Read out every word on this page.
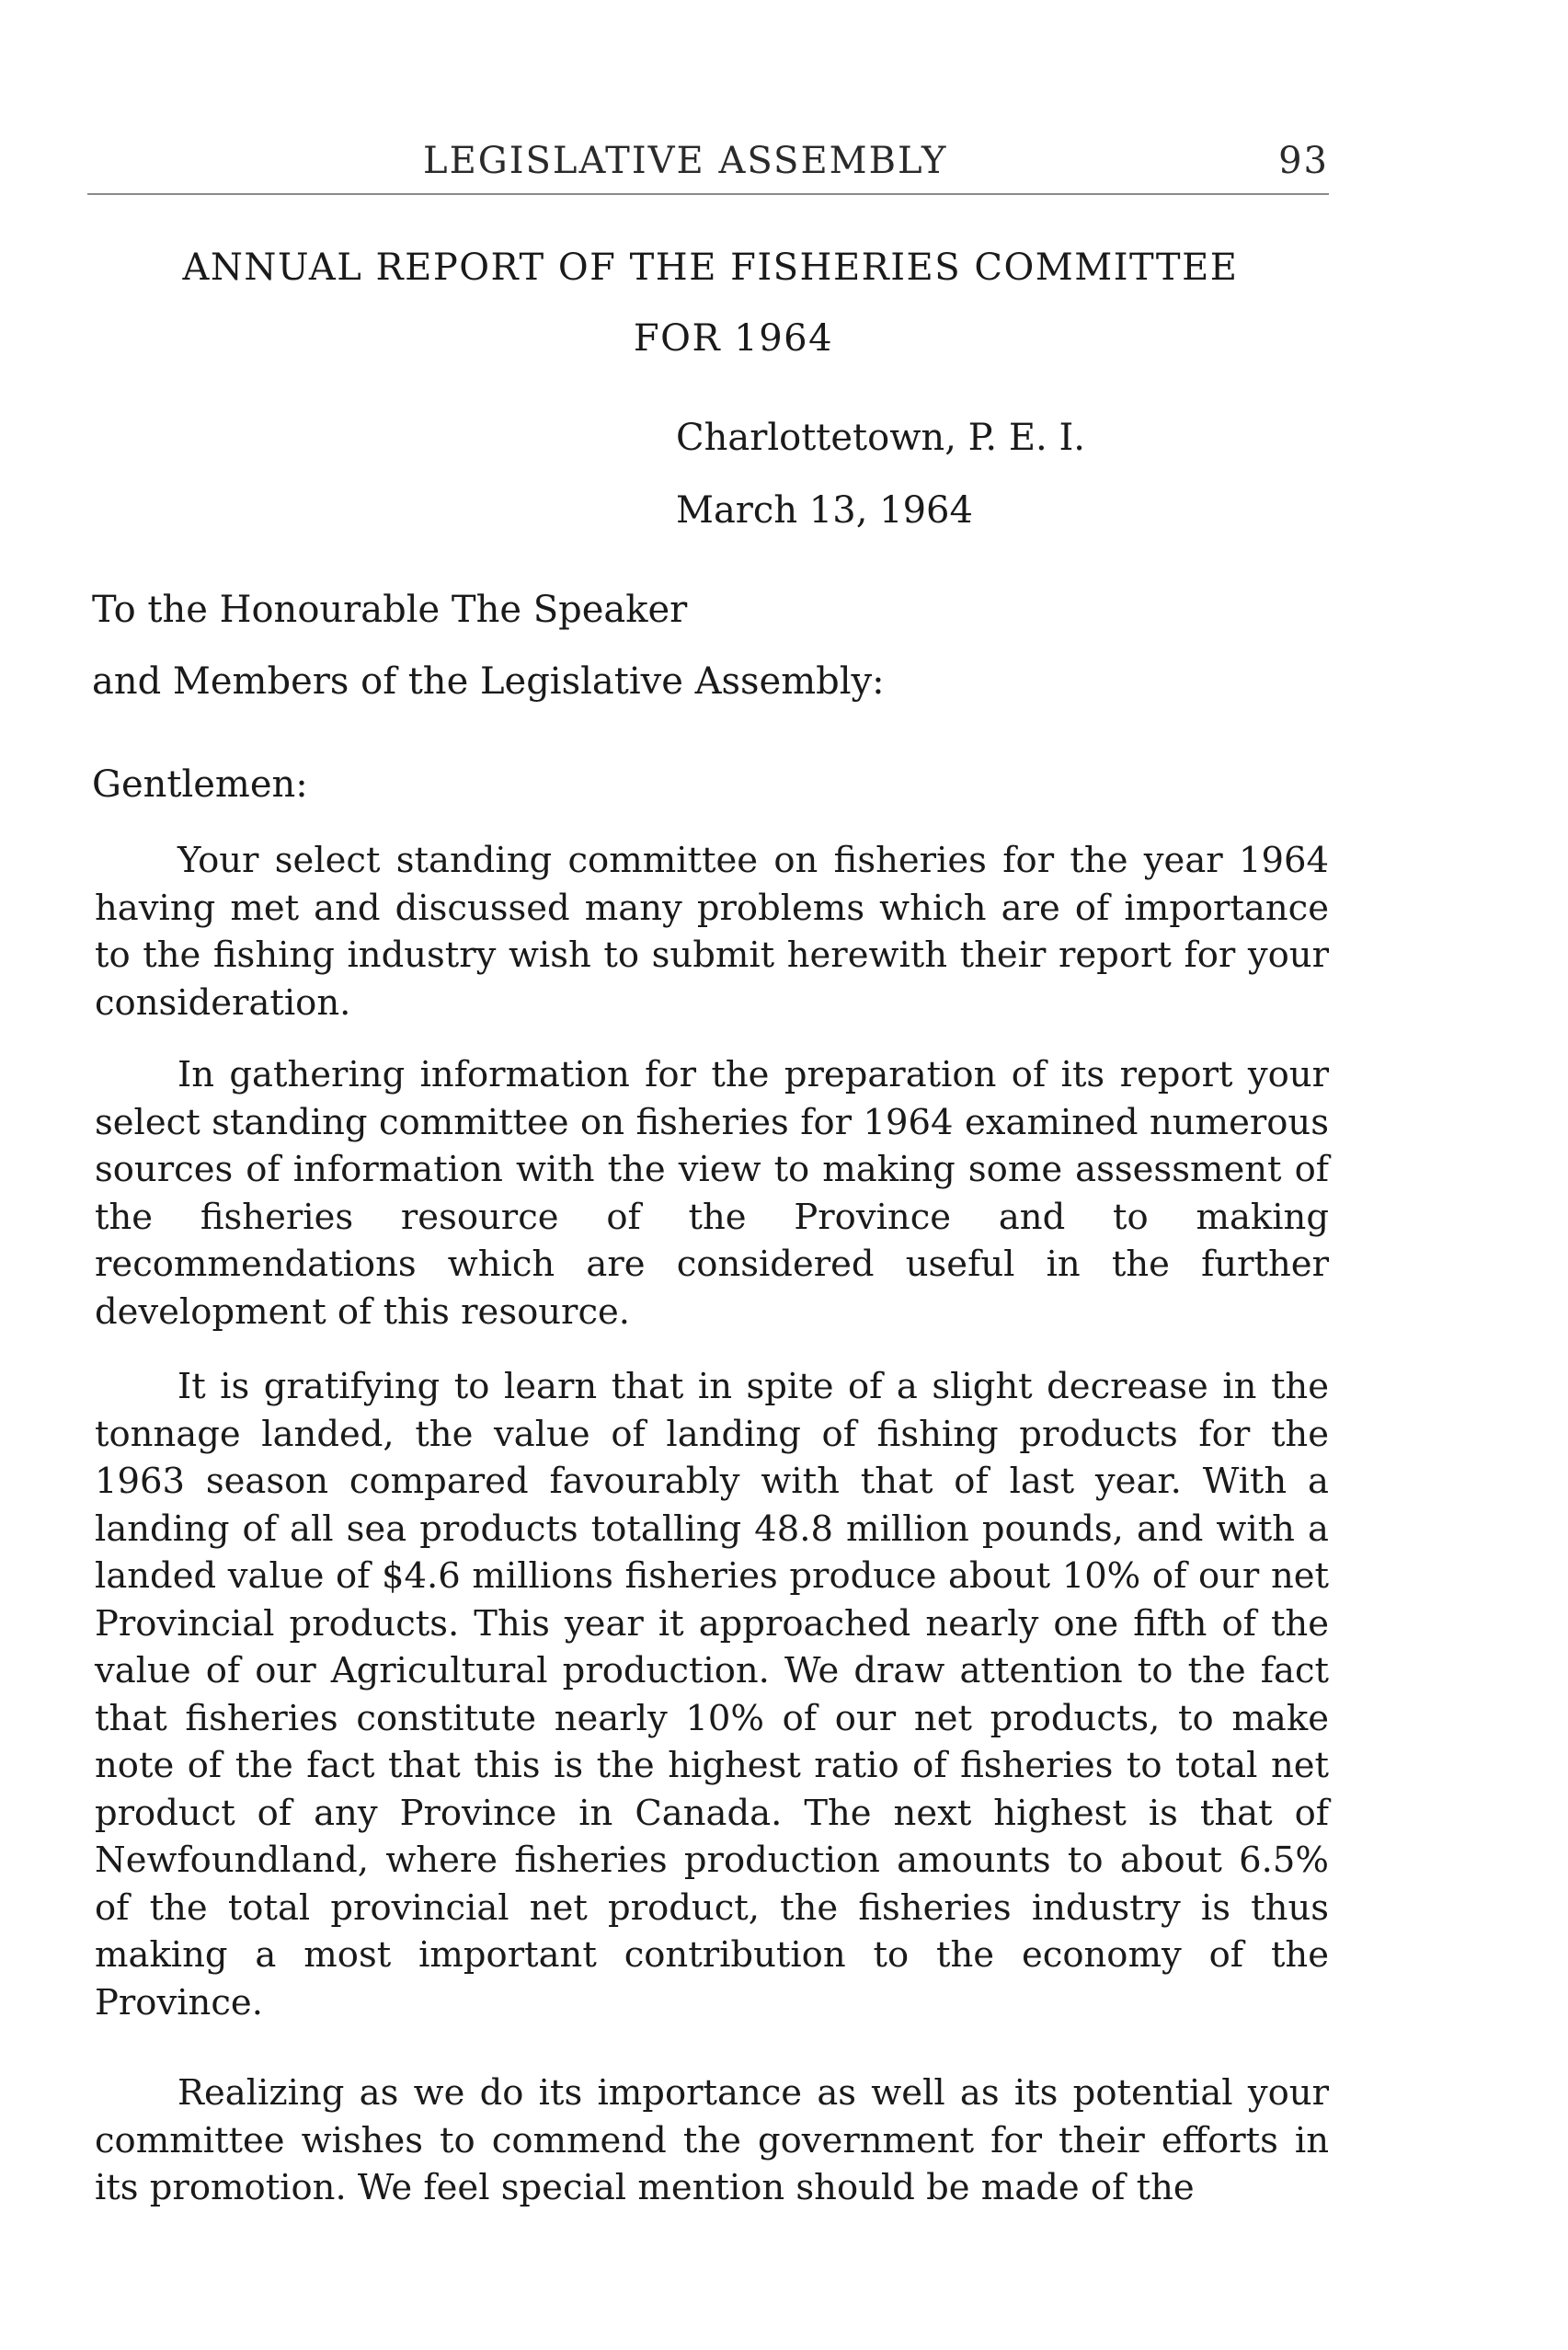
LEGISLATIVE ASSEMBLY	93
ANNUAL REPORT OF THE FISHERIES COMMITTEE
FOR 1964
Charlottetown, P. E. I.
March 13, 1964
To the Honourable The Speaker
and Members of the Legislative Assembly:
Gentlemen:

Your select standing committee on fisheries for the year 1964 having met and discussed many problems which are of importance to the fishing industry wish to submit herewith their report for your consideration.

In gathering information for the preparation of its report your select standing committee on fisheries for 1964 examined numerous sources of information with the view to making some assessment of the fisheries resource of the Province and to making recommendations which are considered useful in the further development of this resource.

It is gratifying to learn that in spite of a slight decrease in the tonnage landed, the value of landing of fishing products for the 1963 season compared favourably with that of last year. With a landing of all sea products totalling 48.8 million pounds, and with a landed value of $4.6 millions fisheries produce about 10% of our net Provincial products. This year it approached nearly one fifth of the value of our Agricultural production. We draw attention to the fact that fisheries constitute nearly 10% of our net products, to make note of the fact that this is the highest ratio of fisheries to total net product of any Province in Canada. The next highest is that of Newfoundland, where fisheries production amounts to about 6.5% of the total provincial net product, the fisheries industry is thus making a most important contribution to the economy of the Province.

Realizing as we do its importance as well as its potential your committee wishes to commend the government for their efforts in its promotion. We feel special mention should be made of the
